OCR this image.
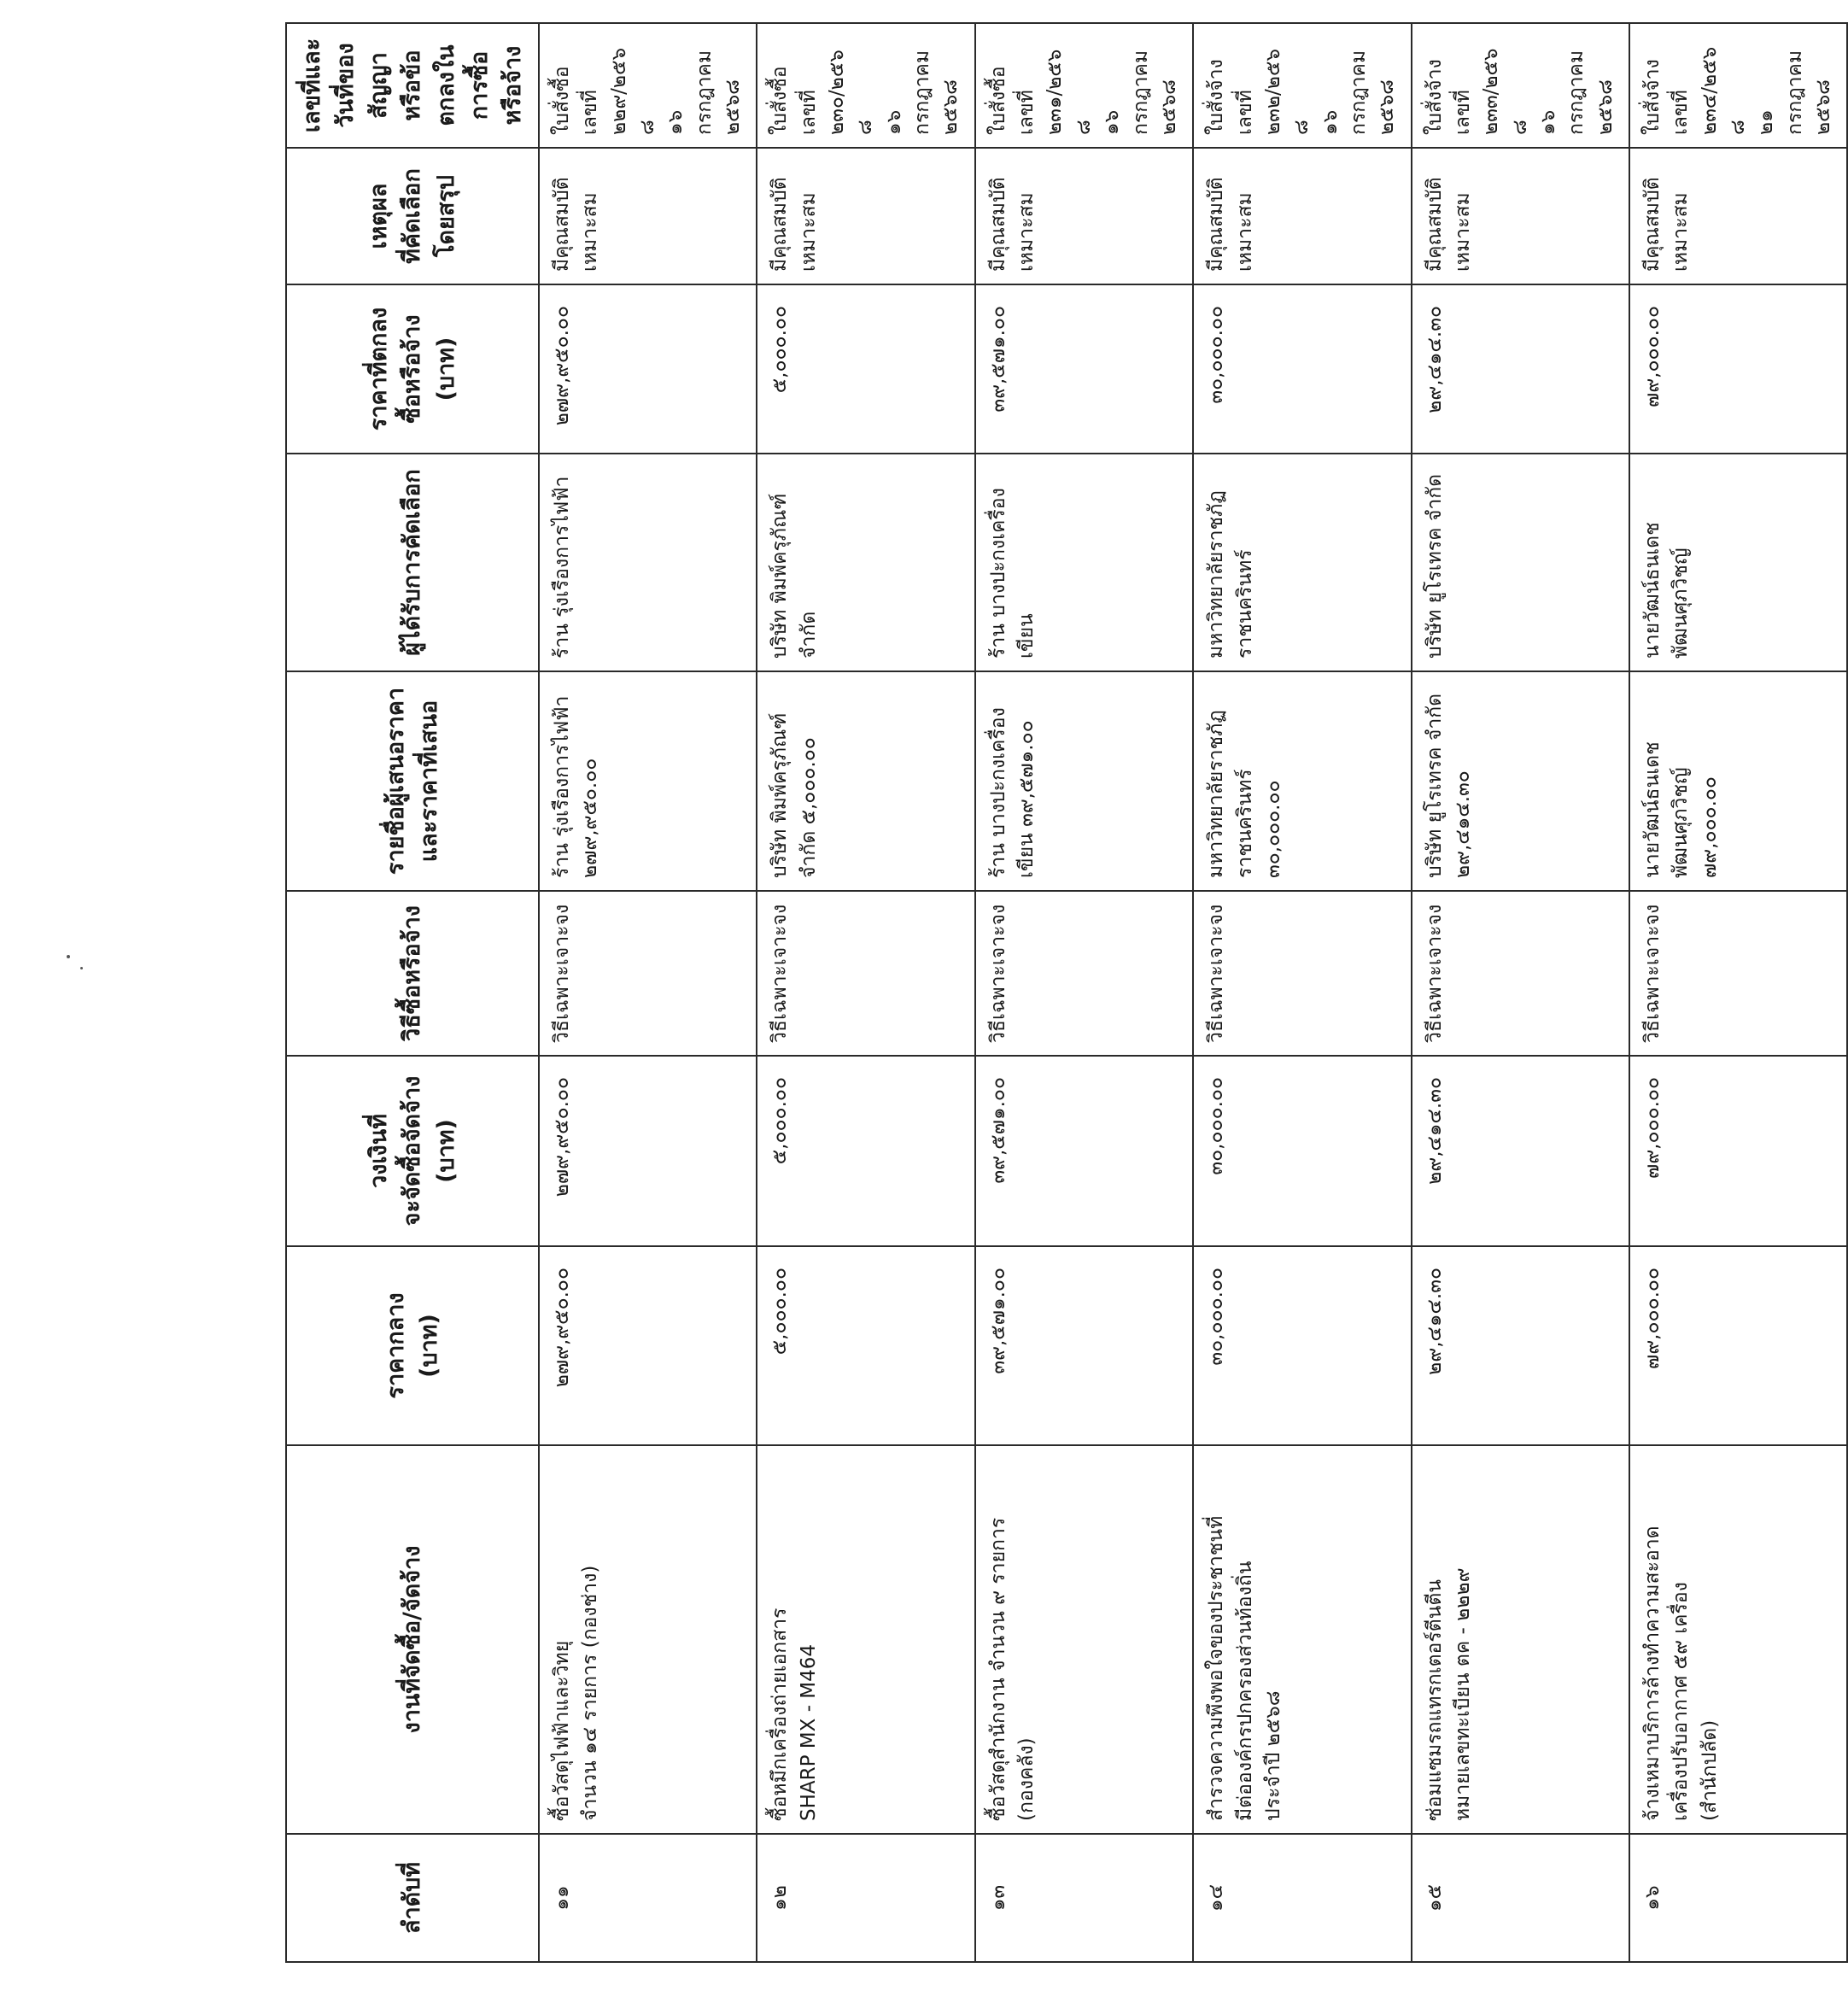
ลำดับที่	งานที่จัดซื้อ/จัดจ้าง	ราคากลาง (บาท)	วงเงินที่
จะจัดซื้อจัดจ้าง
(บาท)	วิธีซื้อหรือจ้าง	รายชื่อผู้เสนอราคา
และราคาที่เสนอ	ผู้ได้รับการคัดเลือก	ราคาที่ตกลง
ซื้อหรือจ้าง (บาท)	เหตุผล
ที่คัดเลือก
โดยสรุป	เลขที่และวันที่ของ
สัญญา
หรือข้อตกลงใน
การซื้อหรือจ้าง
๑๑	ซื้อวัสดุไฟฟ้าและวิทยุ
จำนวน ๑๔ รายการ (กองช่าง)	๒๗๙,๙๕๐.๐๐	๒๗๙,๙๕๐.๐๐	วิธีเฉพาะเจาะจง	ร้าน รุ่งเรืองการไฟฟ้า
๒๗๙,๙๕๐.๐๐	ร้าน รุ่งเรืองการไฟฟ้า	๒๗๙,๙๕๐.๐๐	มีคุณสมบัติ
เหมาะสม	ใบสั่งซื้อ เลขที่
๒๒๙/๒๕๖๘
๑๖ กรกฎาคม ๒๕๖๘
๑๒	ซื้อหมึกเครื่องถ่ายเอกสาร
SHARP MX - M464	๕,๐๐๐.๐๐	๕,๐๐๐.๐๐	วิธีเฉพาะเจาะจง	บริษัท พิมพ์ครุภัณฑ์
จำกัด ๕,๐๐๐.๐๐	บริษัท พิมพ์ครุภัณฑ์
จำกัด	๕,๐๐๐.๐๐	มีคุณสมบัติ
เหมาะสม	ใบสั่งซื้อ เลขที่
๒๓๐/๒๕๖๘
๑๖ กรกฎาคม ๒๕๖๘
๑๓	ซื้อวัสดุสำนักงาน จำนวน ๙ รายการ
(กองคลัง)	๓๙,๕๗๑.๐๐	๓๙,๕๗๑.๐๐	วิธีเฉพาะเจาะจง	ร้าน บางปะกงเครื่อง
เขียน ๓๙,๕๗๑.๐๐	ร้าน บางปะกงเครื่อง
เขียน	๓๙,๕๗๑.๐๐	มีคุณสมบัติ
เหมาะสม	ใบสั่งซื้อ เลขที่
๒๓๑/๒๕๖๘
๑๖ กรกฎาคม ๒๕๖๘
๑๔	สำรวจความพึงพอใจของประชาชนที่
มีต่อองค์กรปกครองส่วนท้องถิ่น
ประจำปี ๒๕๖๘	๓๐,๐๐๐.๐๐	๓๐,๐๐๐.๐๐	วิธีเฉพาะเจาะจง	มหาวิทยาลัยราชภัฏ
ราชนครินทร์
๓๐,๐๐๐.๐๐	มหาวิทยาลัยราชภัฏ
ราชนครินทร์	๓๐,๐๐๐.๐๐	มีคุณสมบัติ
เหมาะสม	ใบสั่งจ้าง เลขที่
๒๓๒/๒๕๖๘
๑๖ กรกฎาคม ๒๕๖๘
๑๕	ซ่อมแซมรถแทรกเตอร์ตีนตีน
หมายเลขทะเบียน ตค - ๒๒๒๙	๒๙,๔๑๔.๓๐	๒๙,๔๑๔.๓๐	วิธีเฉพาะเจาะจง	บริษัท ยูโรเทรค จำกัด
๒๙,๔๑๔.๓๐	บริษัท ยูโรเทรค จำกัด	๒๙,๔๑๔.๓๐	มีคุณสมบัติ
เหมาะสม	ใบสั่งจ้าง เลขที่
๒๓๓/๒๕๖๘
๑๖ กรกฎาคม ๒๕๖๘
๑๖	จ้างเหมาบริการล้างทำความสะอาด
เครื่องปรับอากาศ ๕๙ เครื่อง
(สำนักปลัด)	๗๙,๐๐๐.๐๐	๗๙,๐๐๐.๐๐	วิธีเฉพาะเจาะจง	นายวัฒน์ธนเดช
พัฒนศุภวิชญ์
๗๙,๐๐๐.๐๐	นายวัฒน์ธนเดช
พัฒนศุภวิชญ์	๗๙,๐๐๐.๐๐	มีคุณสมบัติ
เหมาะสม	ใบสั่งจ้าง เลขที่
๒๓๔/๒๕๖๘
๒๑ กรกฎาคม ๒๕๖๘
